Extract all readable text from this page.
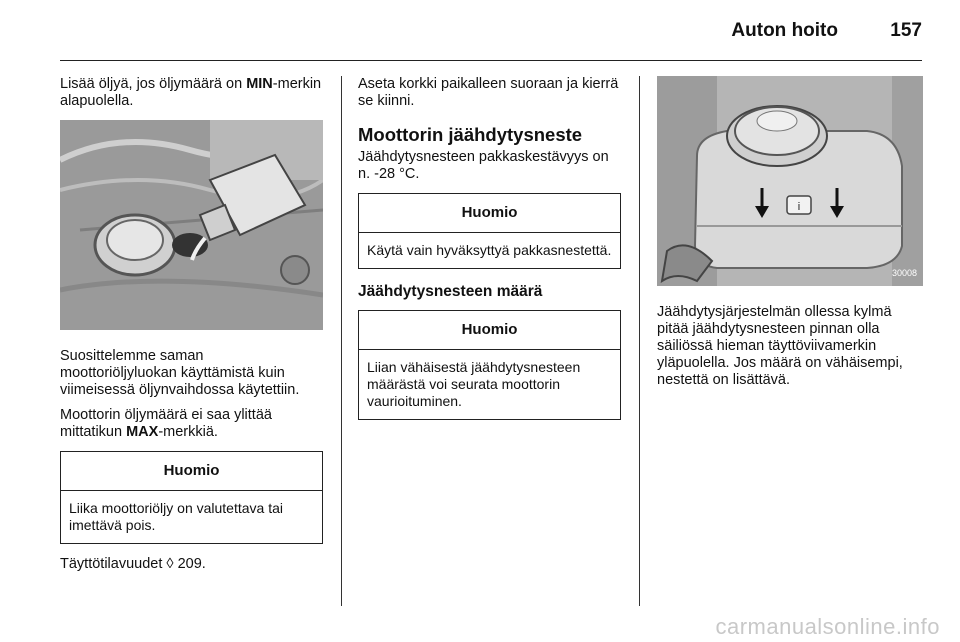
Auton hoito	157

Lisää öljyä, jos öljymäärä on MIN-merkin alapuolella.

Suosittelemme saman moottoriöljyluokan käyttämistä kuin viimeisessä öljynvaihdossa käytettiin.

Moottorin öljymäärä ei saa ylittää mittatikun MAX-merkkiä.

Huomio
Liika moottoriöljy on valutettava tai imettävä pois.

Täyttötilavuudet ◊ 209.

Aseta korkki paikalleen suoraan ja kierrä se kiinni.

Moottorin jäähdytysneste

Jäähdytysnesteen pakkaskestävyys on n. -28 °C.

Huomio
Käytä vain hyväksyttyä pakkasnestettä.
Jäähdytysnesteen määrä
Huomio
Liian vähäisestä jäähdytysnesteen määrästä voi seurata moottorin vaurioituminen.
i
30008

Jäähdytysjärjestelmän ollessa kylmä pitää jäähdytysnesteen pinnan olla säiliössä hieman täyttöviivamerkin yläpuolella. Jos määrä on vähäisempi, nestettä on lisättävä.

carmanualsonline.info
